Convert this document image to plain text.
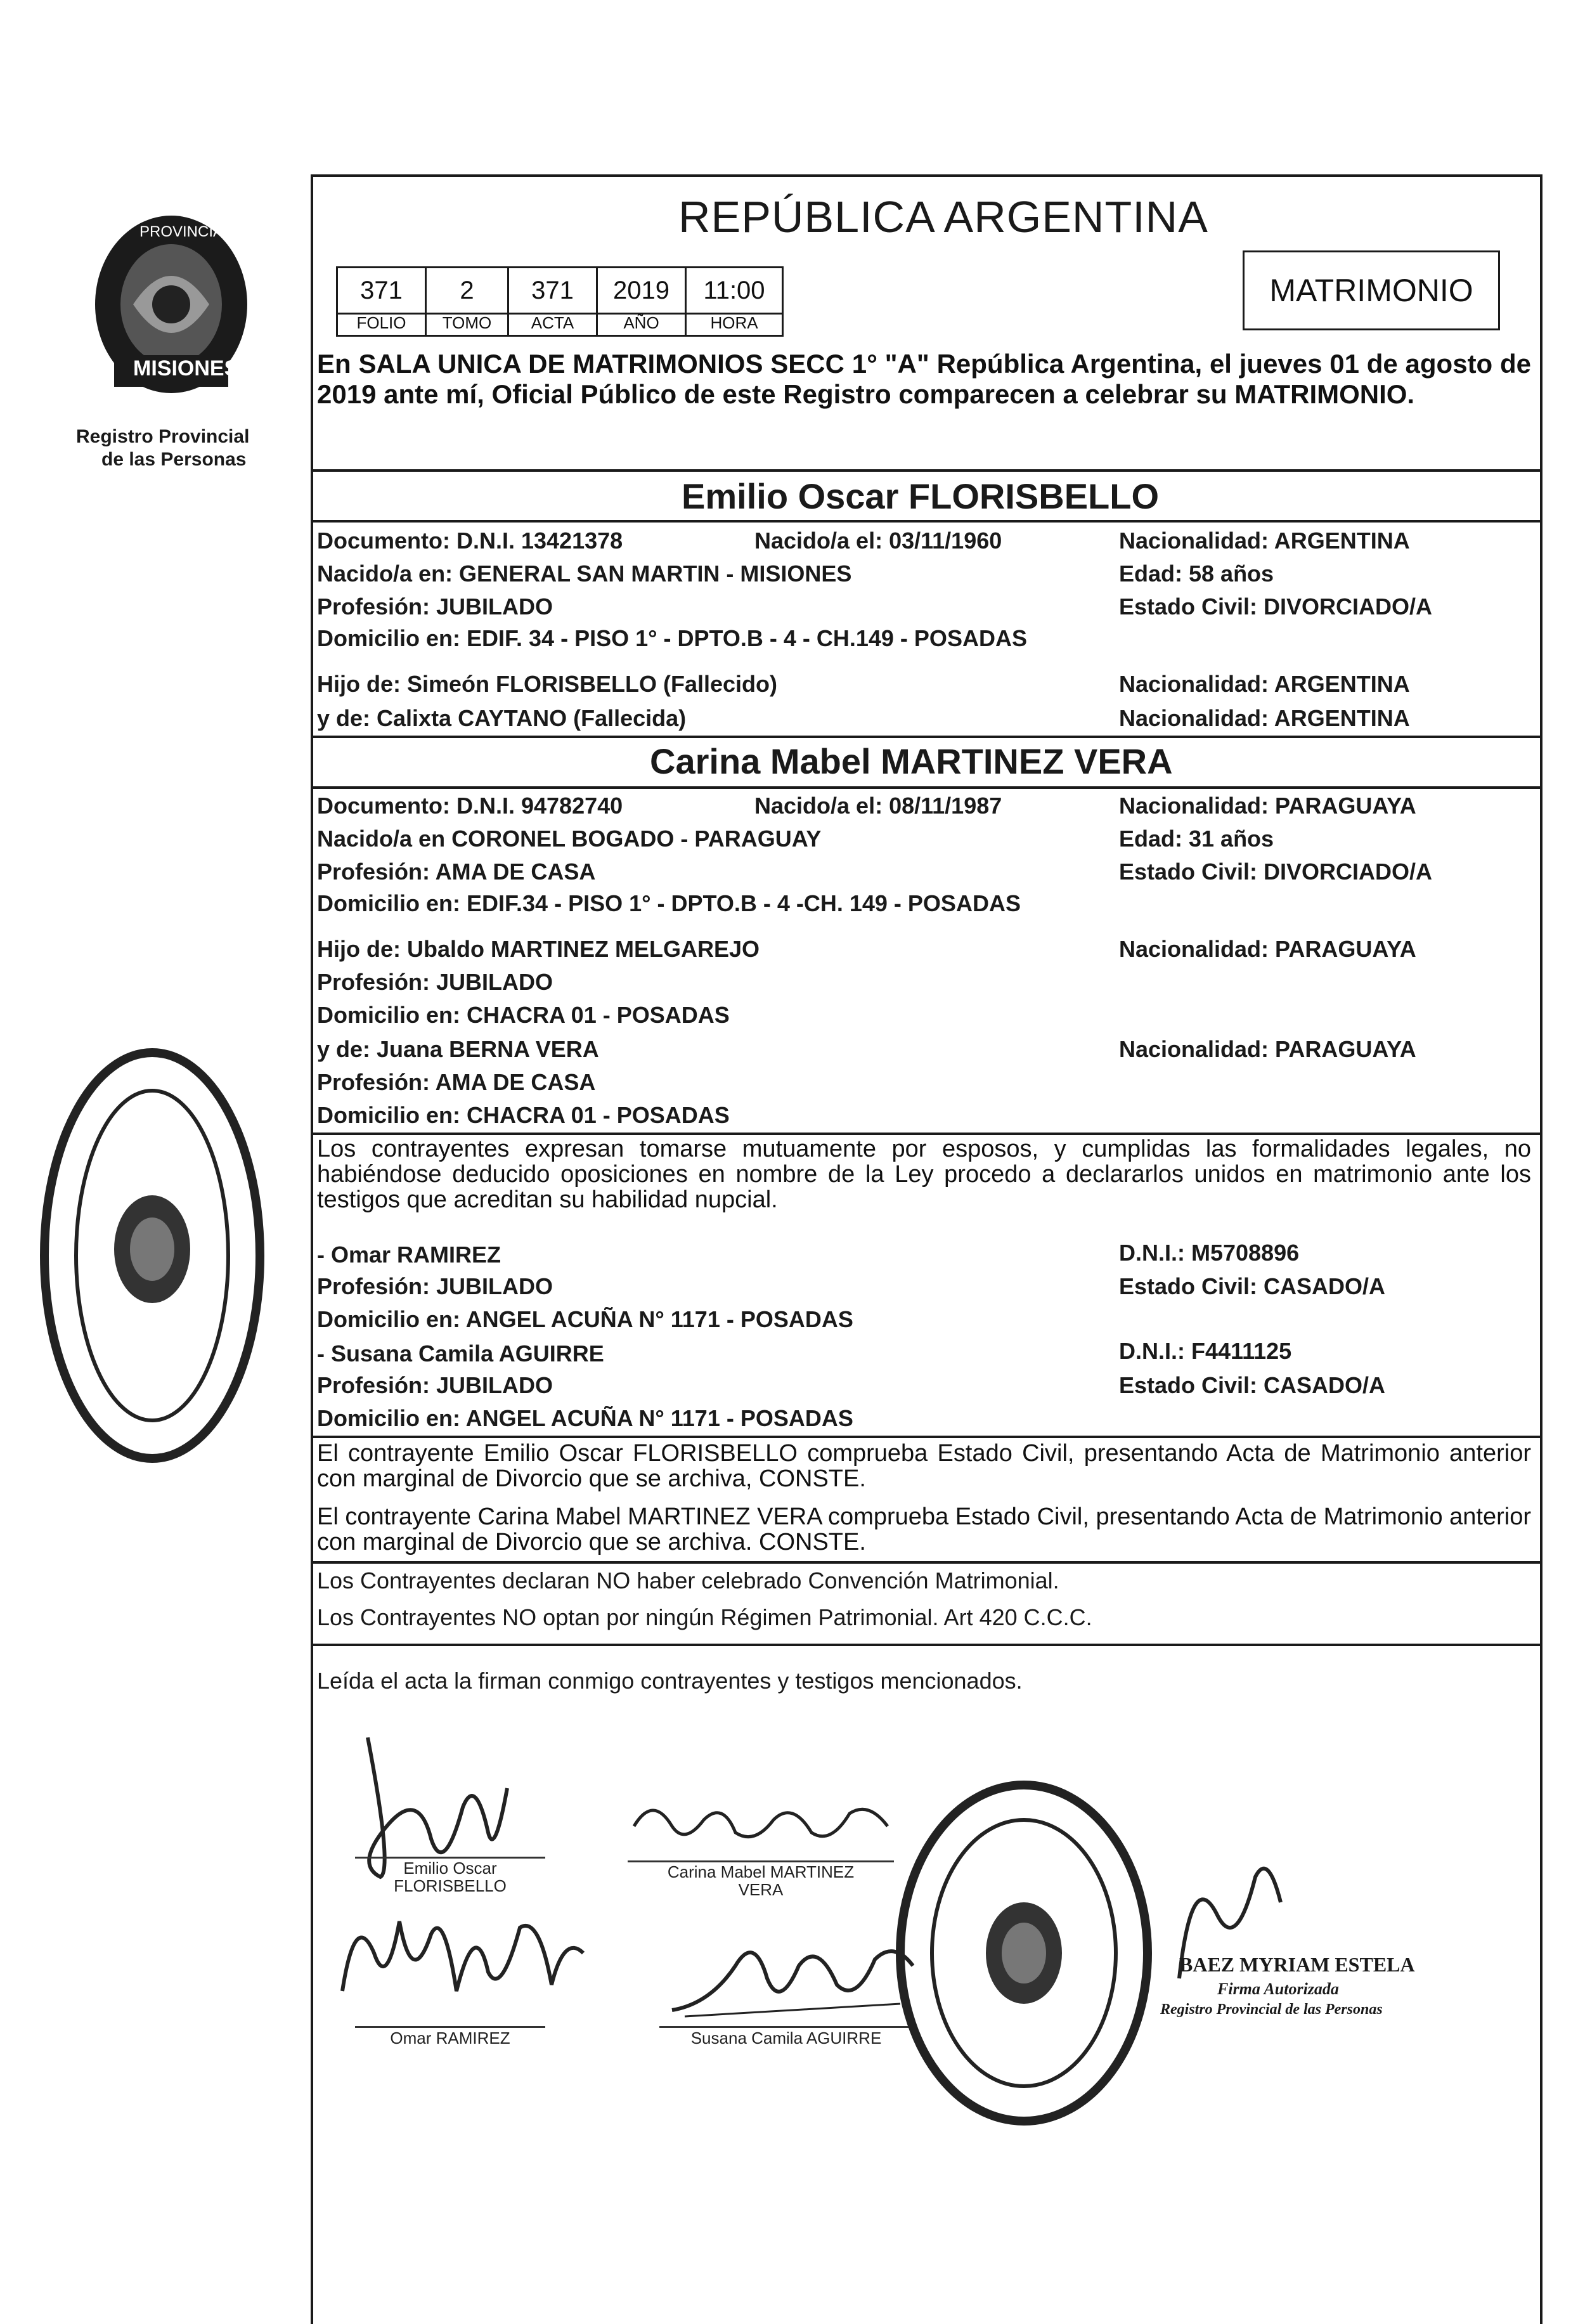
MISIONES
PROVINCIA
Registro Provincial
de las Personas
REPÚBLICA ARGENTINA
371	2	371	2019	11:00
FOLIO	TOMO	ACTA	AÑO	HORA
MATRIMONIO
En SALA UNICA DE MATRIMONIOS SECC 1° "A" República Argentina, el jueves 01 de agosto de 2019 ante mí, Oficial Público de este Registro comparecen a celebrar su MATRIMONIO.
Emilio Oscar FLORISBELLO
Documento: D.N.I. 13421378	Nacido/a el: 03/11/1960	Nacionalidad: ARGENTINA
Nacido/a en: GENERAL SAN MARTIN - MISIONES	Edad: 58 años
Profesión: JUBILADO	Estado Civil: DIVORCIADO/A
Domicilio en: EDIF. 34 - PISO 1° - DPTO.B - 4 - CH.149 - POSADAS
Hijo de: Simeón FLORISBELLO (Fallecido)	Nacionalidad: ARGENTINA
y de: Calixta CAYTANO (Fallecida)	Nacionalidad: ARGENTINA
Carina Mabel MARTINEZ VERA
Documento: D.N.I. 94782740	Nacido/a el: 08/11/1987	Nacionalidad: PARAGUAYA
Nacido/a en CORONEL BOGADO - PARAGUAY	Edad: 31 años
Profesión: AMA DE CASA	Estado Civil: DIVORCIADO/A
Domicilio en: EDIF.34 - PISO 1° - DPTO.B - 4 -CH. 149 - POSADAS
Hijo de: Ubaldo MARTINEZ MELGAREJO	Nacionalidad: PARAGUAYA
Profesión: JUBILADO
Domicilio en: CHACRA 01 - POSADAS
y de: Juana BERNA VERA	Nacionalidad: PARAGUAYA
Profesión: AMA DE CASA
Domicilio en: CHACRA 01 - POSADAS
Los contrayentes expresan tomarse mutuamente por esposos, y cumplidas las formalidades legales, no habiéndose deducido oposiciones en nombre de la Ley procedo a declararlos unidos en matrimonio ante los testigos que acreditan su habilidad nupcial.
- Omar RAMIREZ	D.N.I.: M5708896
Profesión: JUBILADO	Estado Civil: CASADO/A
Domicilio en: ANGEL ACUÑA N° 1171 - POSADAS
- Susana Camila AGUIRRE	D.N.I.: F4411125
Profesión: JUBILADO	Estado Civil: CASADO/A
Domicilio en: ANGEL ACUÑA N° 1171 - POSADAS
El contrayente Emilio Oscar FLORISBELLO comprueba Estado Civil, presentando Acta de Matrimonio anterior con marginal de Divorcio que se archiva, CONSTE.
El contrayente Carina Mabel MARTINEZ VERA comprueba Estado Civil, presentando Acta de Matrimonio anterior con marginal de Divorcio que se archiva. CONSTE.
Los Contrayentes declaran NO haber celebrado Convención Matrimonial.
Los Contrayentes NO optan por ningún Régimen Patrimonial. Art 420 C.C.C.
Leída el acta la firman conmigo contrayentes y testigos mencionados.
Emilio Oscar
FLORISBELLO
Carina Mabel MARTINEZ
VERA
Omar RAMIREZ	Susana Camila AGUIRRE
BAEZ MYRIAM ESTELA
Firma Autorizada
Registro Provincial de las Personas
